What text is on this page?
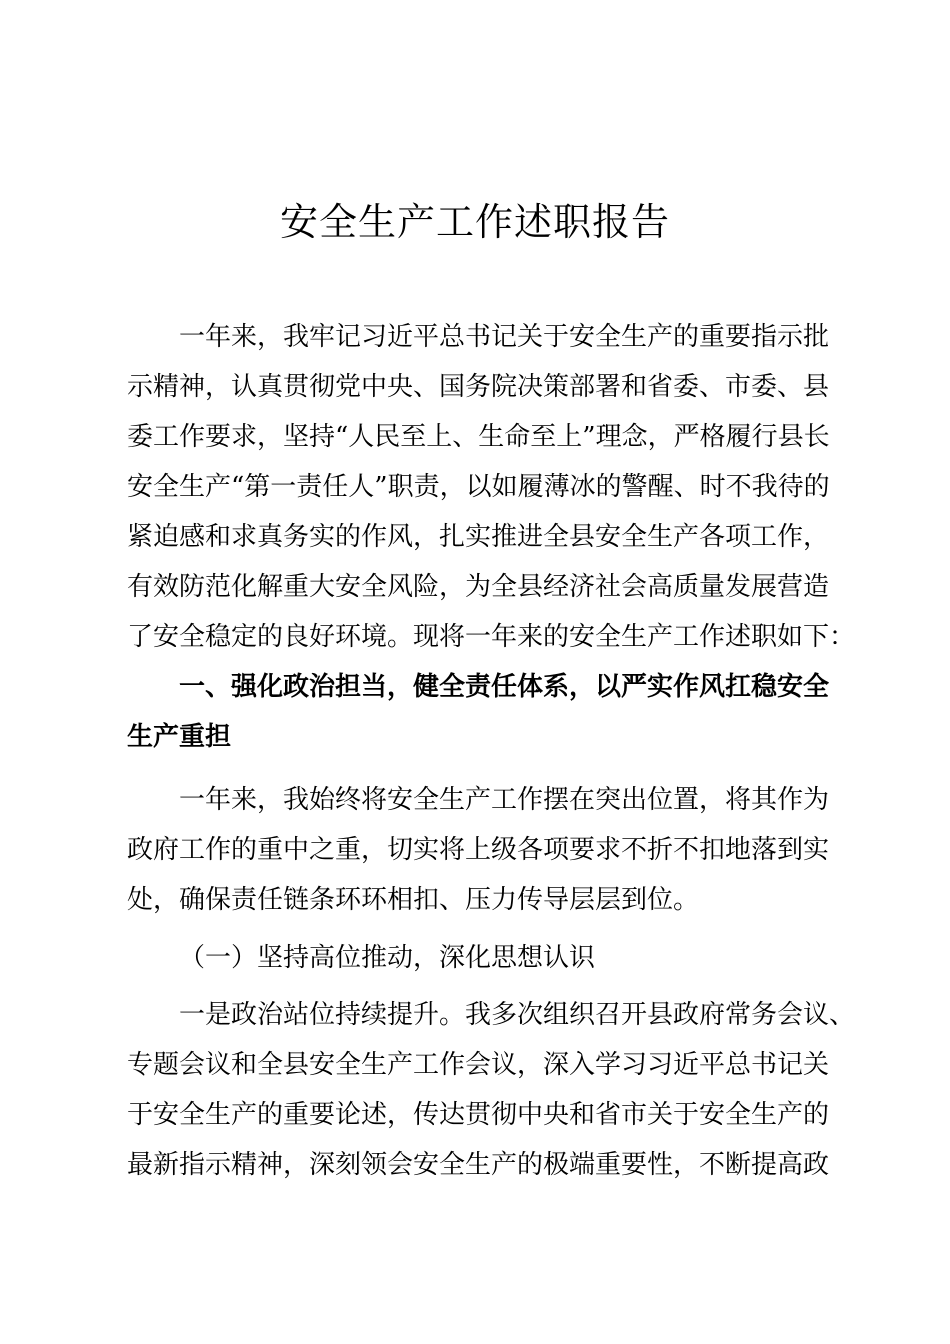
安全生产工作述职报告
一年来，我牢记习近平总书记关于安全生产的重要指示批
示精神，认真贯彻党中央、国务院决策部署和省委、市委、县
委工作要求，坚持“人民至上、生命至上”理念，严格履行县长
安全生产“第一责任人”职责，以如履薄冰的警醒、时不我待的
紧迫感和求真务实的作风，扎实推进全县安全生产各项工作，
有效防范化解重大安全风险，为全县经济社会高质量发展营造
了安全稳定的良好环境。现将一年来的安全生产工作述职如下：
一、强化政治担当，健全责任体系，以严实作风扛稳安全
生产重担
一年来，我始终将安全生产工作摆在突出位置，将其作为
政府工作的重中之重，切实将上级各项要求不折不扣地落到实
处，确保责任链条环环相扣、压力传导层层到位。
（一）坚持高位推动，深化思想认识
一是政治站位持续提升。我多次组织召开县政府常务会议、
专题会议和全县安全生产工作会议，深入学习习近平总书记关
于安全生产的重要论述，传达贯彻中央和省市关于安全生产的
最新指示精神，深刻领会安全生产的极端重要性，不断提高政
